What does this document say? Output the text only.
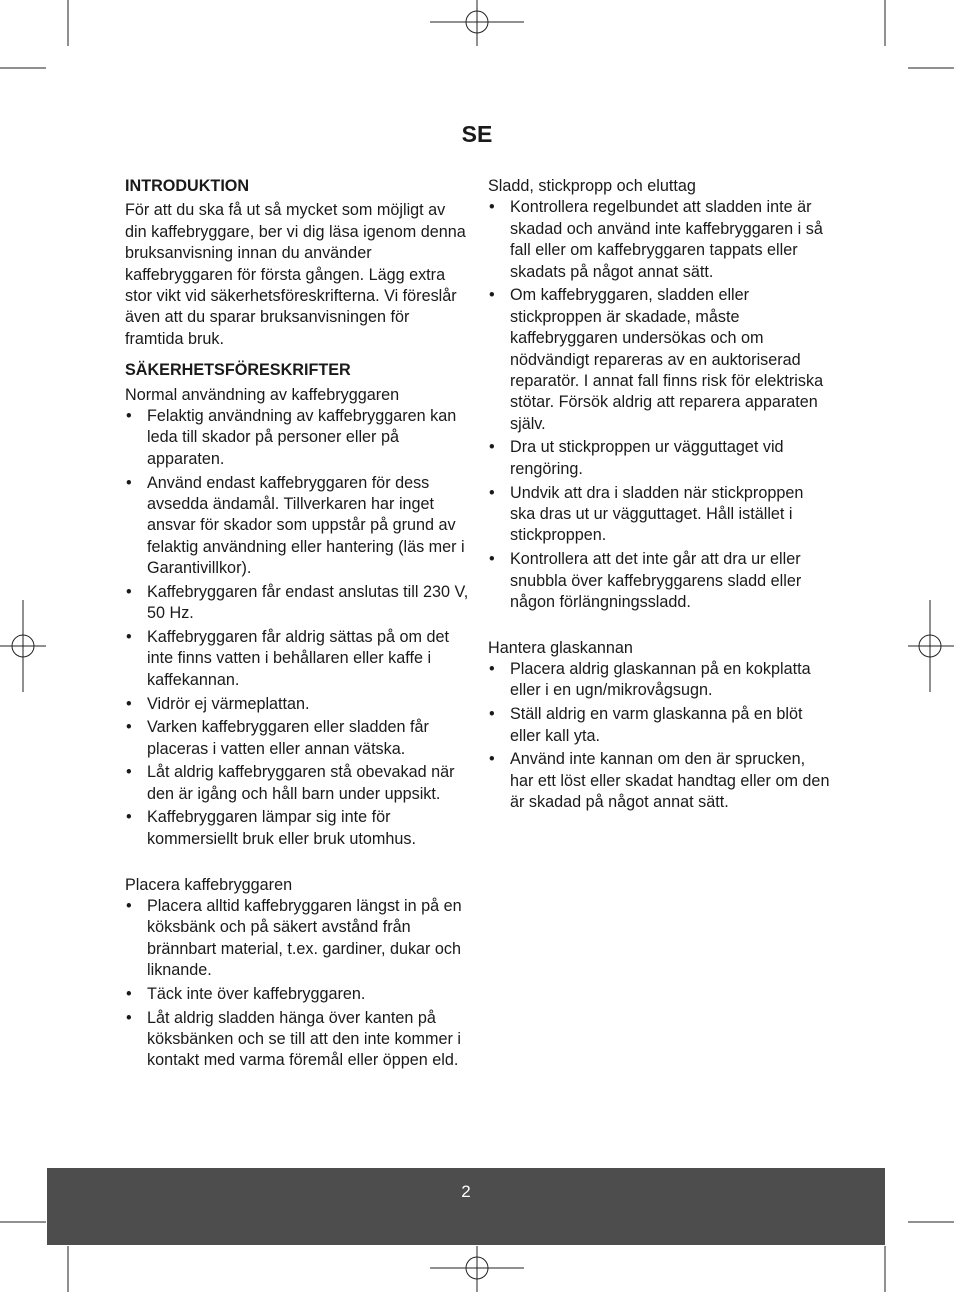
SE
INTRODUKTION
För att du ska få ut så mycket som möjligt av din kaffebryggare, ber vi dig läsa igenom denna bruksanvisning innan du använder kaffebryggaren för första gången. Lägg extra stor vikt vid säkerhetsföreskrifterna. Vi föreslår även att du sparar bruksanvisningen för framtida bruk.
SÄKERHETSFÖRESKRIFTER
Normal användning av kaffebryggaren
• Felaktig användning av kaffebryggaren kan leda till skador på personer eller på apparaten.
• Använd endast kaffebryggaren för dess avsedda ändamål. Tillverkaren har inget ansvar för skador som uppstår på grund av felaktig användning eller hantering (läs mer i Garantivillkor).
• Kaffebryggaren får endast anslutas till 230 V, 50 Hz.
• Kaffebryggaren får aldrig sättas på om det inte finns vatten i behållaren eller kaffe i kaffekannan.
• Vidrör ej värmeplattan.
• Varken kaffebryggaren eller sladden får placeras i vatten eller annan vätska.
• Låt aldrig kaffebryggaren stå obevakad när den är igång och håll barn under uppsikt.
• Kaffebryggaren lämpar sig inte för kommersiellt bruk eller bruk utomhus.
Placera kaffebryggaren
• Placera alltid kaffebryggaren längst in på en köksbänk och på säkert avstånd från brännbart material, t.ex. gardiner, dukar och liknande.
• Täck inte över kaffebryggaren.
• Låt aldrig sladden hänga över kanten på köksbänken och se till att den inte kommer i kontakt med varma föremål eller öppen eld.
Sladd, stickpropp och eluttag
• Kontrollera regelbundet att sladden inte är skadad och använd inte kaffebryggaren i så fall eller om kaffebryggaren tappats eller skadats på något annat sätt.
• Om kaffebryggaren, sladden eller stickproppen är skadade, måste kaffebryggaren undersökas och om nödvändigt repareras av en auktoriserad reparatör. I annat fall finns risk för elektriska stötar. Försök aldrig att reparera apparaten själv.
• Dra ut stickproppen ur vägguttaget vid rengöring.
• Undvik att dra i sladden när stickproppen ska dras ut ur vägguttaget. Håll istället i stickproppen.
• Kontrollera att det inte går att dra ur eller snubbla över kaffebryggarens sladd eller någon förlängningssladd.
Hantera glaskannan
• Placera aldrig glaskannan på en kokplatta eller i en ugn/mikrovågsugn.
• Ställ aldrig en varm glaskanna på en blöt eller kall yta.
• Använd inte kannan om den är sprucken, har ett löst eller skadat handtag eller om den är skadad på något annat sätt.
2
